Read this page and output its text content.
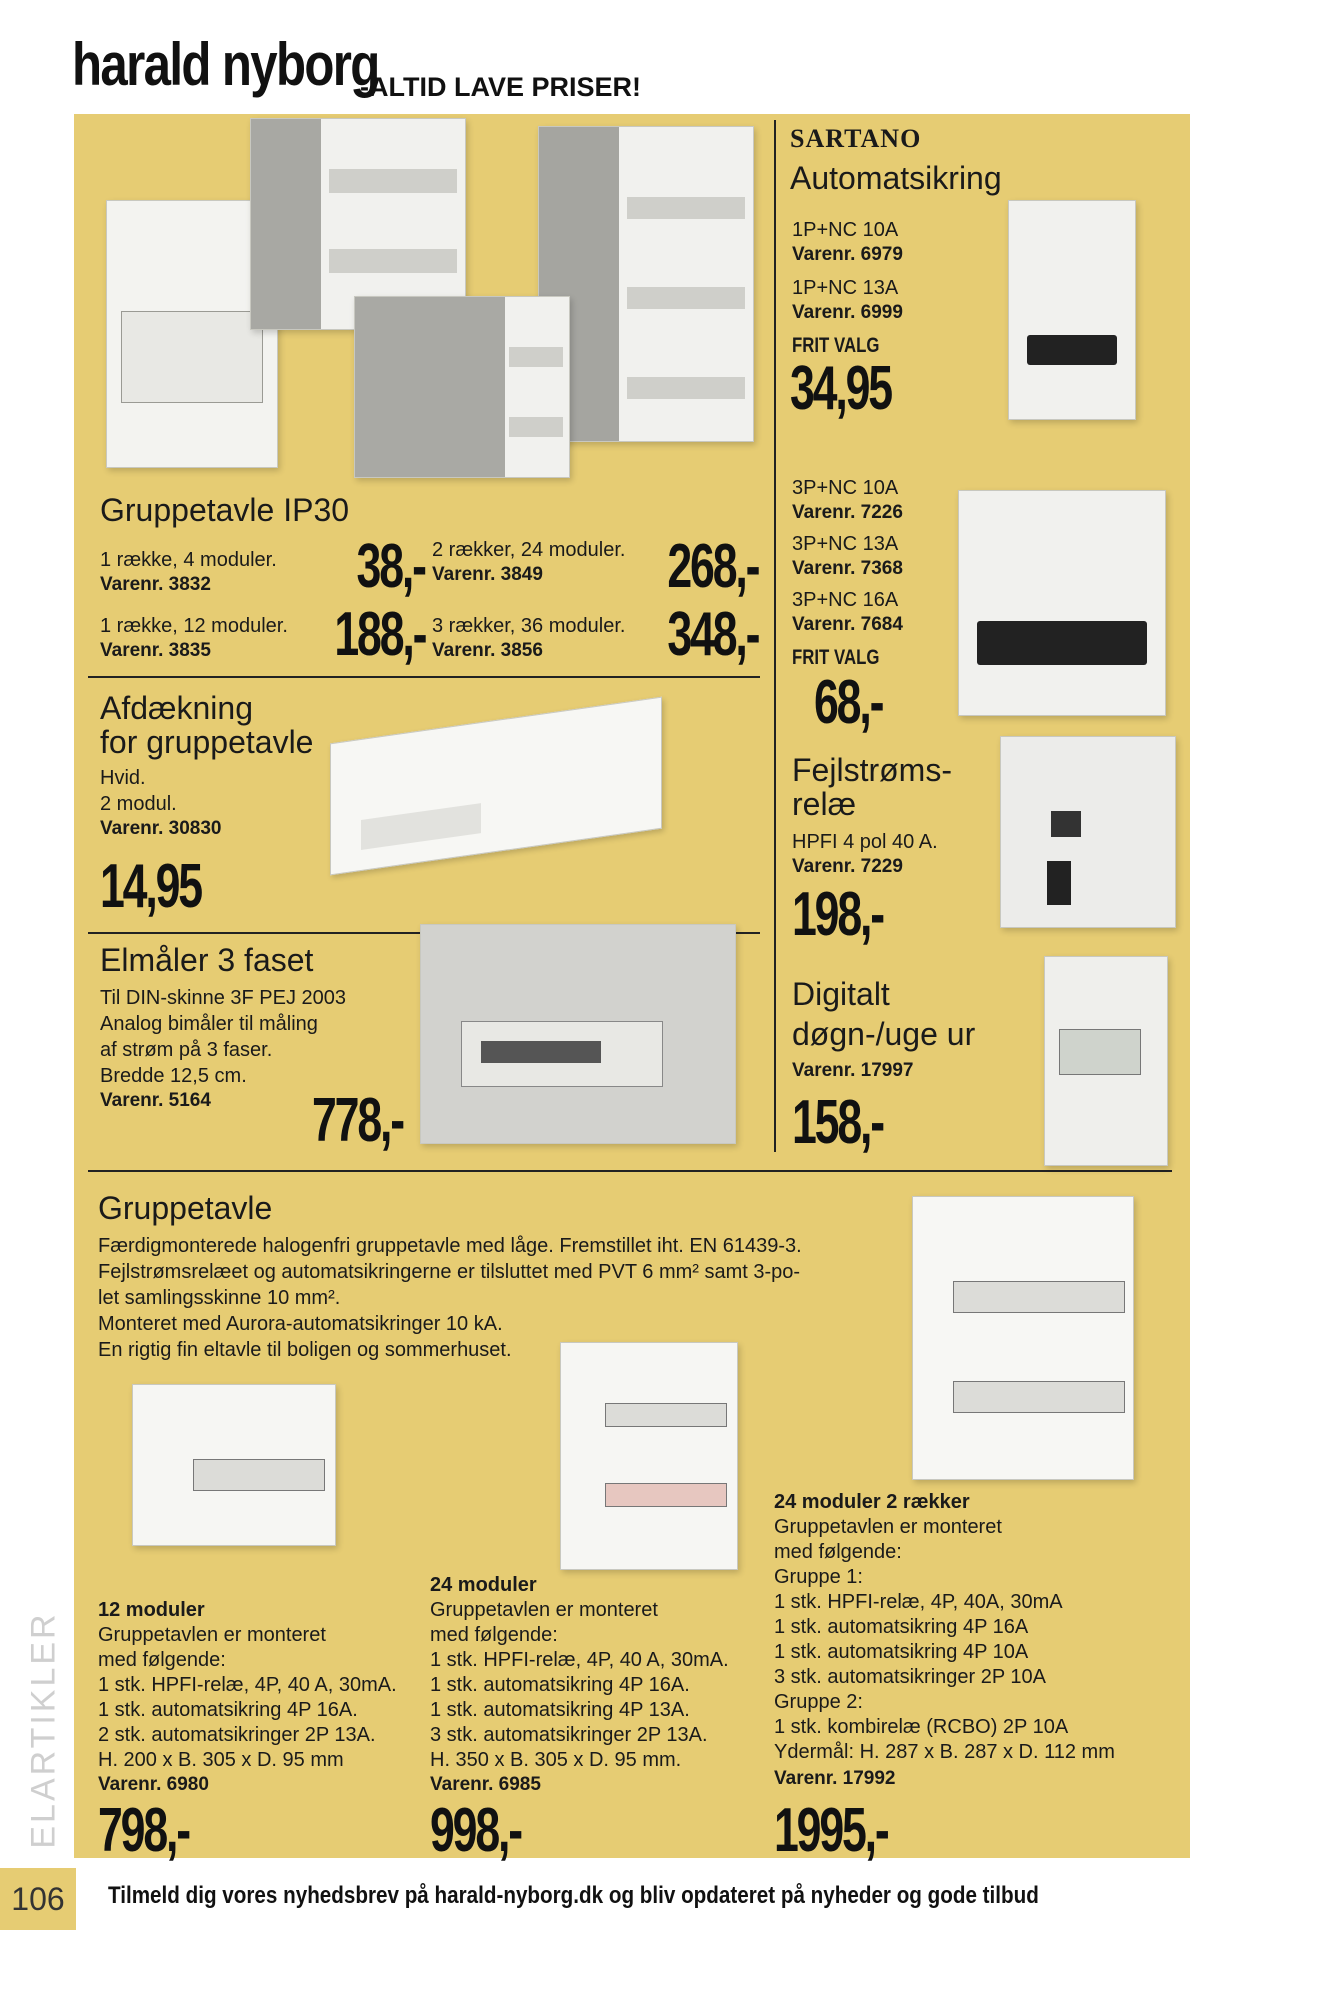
harald nyborg
-ALTID LAVE PRISER!
Gruppetavle IP30
1 række, 4 moduler.
Varenr. 3832 38,-
1 række, 12 moduler.
Varenr. 3835 188,-
2 rækker, 24 moduler.
Varenr. 3849 268,-
3 rækker, 36 moduler.
Varenr. 3856 348,-
Afdækning
for gruppetavle
Hvid.
2 modul.
Varenr. 30830
14,95
Elmåler 3 faset
Til DIN-skinne 3F PEJ 2003
Analog bimåler til måling
af strøm på 3 faser.
Bredde 12,5 cm.
Varenr. 5164 778,-
SARTANO
Automatsikring
1P+NC 10A
Varenr. 6979
1P+NC 13A
Varenr. 6999
FRIT VALG
34,95
3P+NC 10A
Varenr. 7226
3P+NC 13A
Varenr. 7368
3P+NC 16A
Varenr. 7684
FRIT VALG
68,-
Fejlstrøms-
relæ
HPFI 4 pol 40 A.
Varenr. 7229
198,-
Digitalt
døgn-/uge ur
Varenr. 17997
158,-
Gruppetavle
Færdigmonterede halogenfri gruppetavle med låge. Fremstillet iht. EN 61439-3.
Fejlstrømsrelæet og automatsikringerne er tilsluttet med PVT 6 mm² samt 3-po-
let samlingsskinne 10 mm².
Monteret med Aurora-automatsikringer 10 kA.
En rigtig fin eltavle til boligen og sommerhuset.
12 moduler
Gruppetavlen er monteret
med følgende:
1 stk. HPFI-relæ, 4P, 40 A, 30mA.
1 stk. automatsikring 4P 16A.
2 stk. automatsikringer 2P 13A.
H. 200 x B. 305 x D. 95 mm
Varenr. 6980
798,-
24 moduler
Gruppetavlen er monteret
med følgende:
1 stk. HPFI-relæ, 4P, 40 A, 30mA.
1 stk. automatsikring 4P 16A.
1 stk. automatsikring 4P 13A.
3 stk. automatsikringer 2P 13A.
H. 350 x B. 305 x D. 95 mm.
Varenr. 6985
998,-
24 moduler 2 rækker
Gruppetavlen er monteret
med følgende:
Gruppe 1:
1 stk. HPFI-relæ, 4P, 40A, 30mA
1 stk. automatsikring 4P 16A
1 stk. automatsikring 4P 10A
3 stk. automatsikringer 2P 10A
Gruppe 2:
1 stk. kombirelæ (RCBO) 2P 10A
Ydermål: H. 287 x B. 287 x D. 112 mm
Varenr. 17992
1995,-
ELARTIKLER
106	Tilmeld dig vores nyhedsbrev på harald-nyborg.dk og bliv opdateret på nyheder og gode tilbud
